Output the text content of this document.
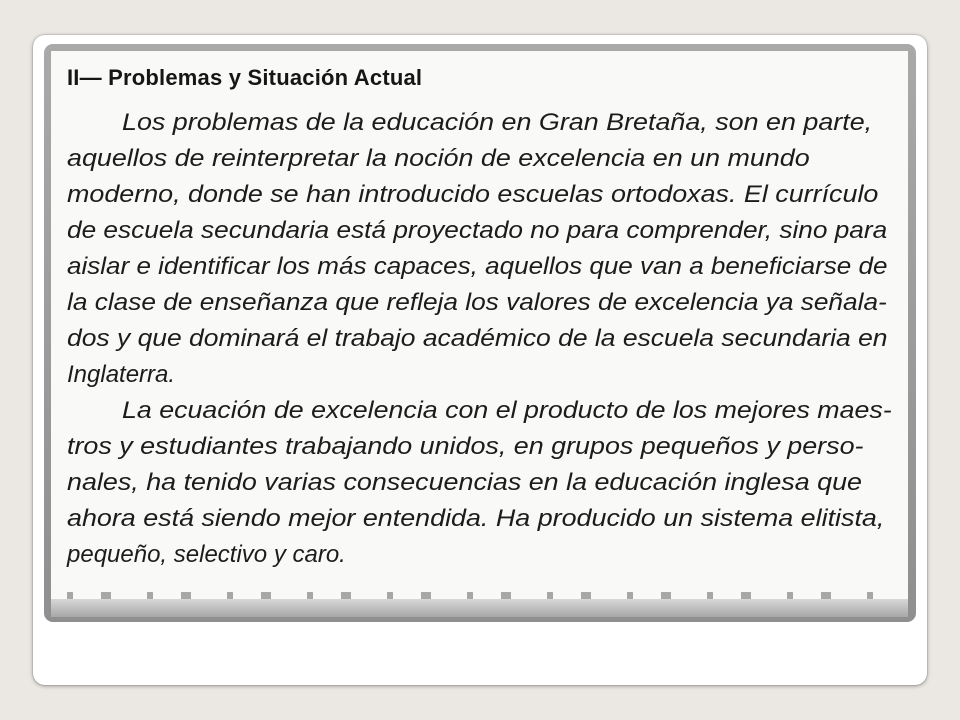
II— Problemas y Situación Actual
Los problemas de la educación en Gran Bretaña, son en parte,
aquellos de reinterpretar la noción de excelencia en un mundo
moderno, donde se han introducido escuelas ortodoxas. El currículo
de escuela secundaria está proyectado no para comprender, sino para
aislar e identificar los más capaces, aquellos que van a beneficiarse de
la clase de enseñanza que refleja los valores de excelencia ya señala-
dos y que dominará el trabajo académico de la escuela secundaria en
Inglaterra.
La ecuación de excelencia con el producto de los mejores maes-
tros y estudiantes trabajando unidos, en grupos pequeños y perso-
nales, ha tenido varias consecuencias en la educación inglesa que
ahora está siendo mejor entendida. Ha producido un sistema elitista,
pequeño, selectivo y caro.
